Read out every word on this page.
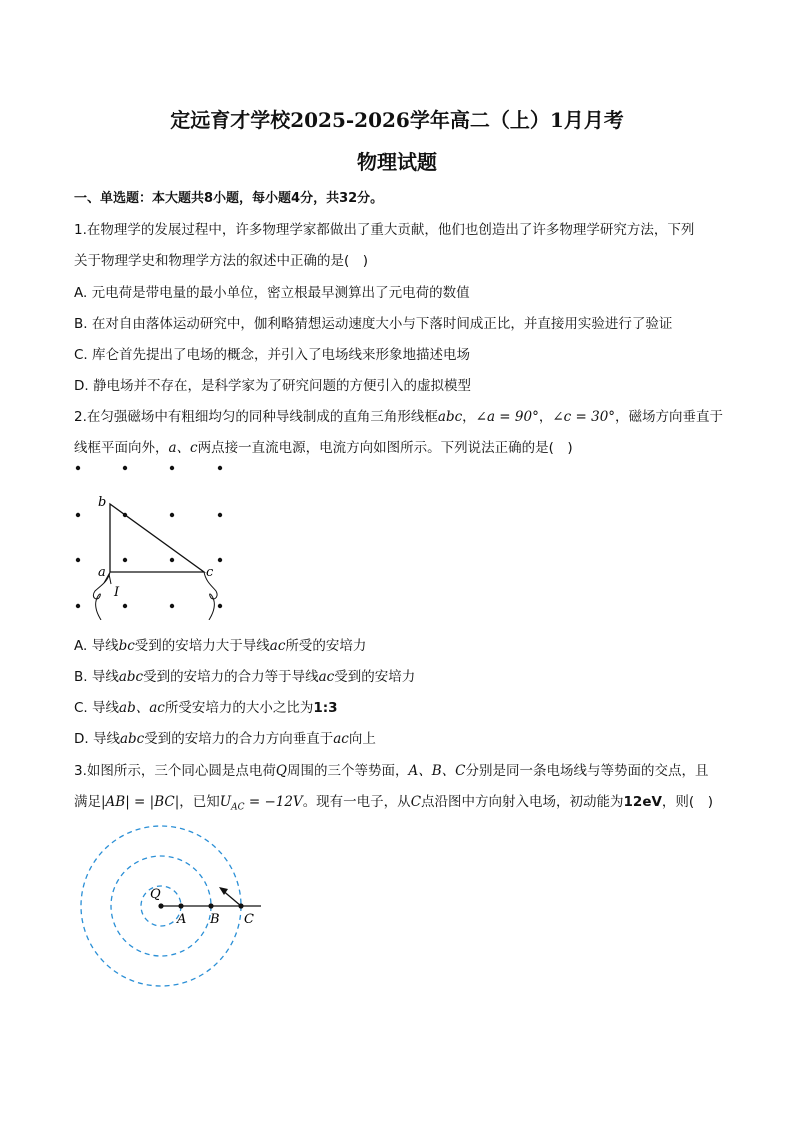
定远育才学校2025-2026学年高二（上）1月月考
物理试题
一、单选题：本大题共8小题，每小题4分，共32分。
1.在物理学的发展过程中，许多物理学家都做出了重大贡献，他们也创造出了许多物理学研究方法，下列
关于物理学史和物理学方法的叙述中正确的是(　)
A. 元电荷是带电量的最小单位，密立根最早测算出了元电荷的数值
B. 在对自由落体运动研究中，伽利略猜想运动速度大小与下落时间成正比，并直接用实验进行了验证
C. 库仑首先提出了电场的概念，并引入了电场线来形象地描述电场
D. 静电场并不存在，是科学家为了研究问题的方便引入的虚拟模型
2.在匀强磁场中有粗细均匀的同种导线制成的直角三角形线框abc，∠a = 90°，∠c = 30°，磁场方向垂直于
线框平面向外，a、c两点接一直流电源，电流方向如图所示。下列说法正确的是(　)
b
a	c
I
A. 导线bc受到的安培力大于导线ac所受的安培力
B. 导线abc受到的安培力的合力等于导线ac受到的安培力
C. 导线ab、ac所受安培力的大小之比为1:3
D. 导线abc受到的安培力的合力方向垂直于ac向上
3.如图所示，三个同心圆是点电荷Q周围的三个等势面，A、B、C分别是同一条电场线与等势面的交点，且
满足|AB| = |BC|，已知$U_{AC} = -12V$。现有一电子，从C点沿图中方向射入电场，初动能为12eV，则(　)
Q
A B C
